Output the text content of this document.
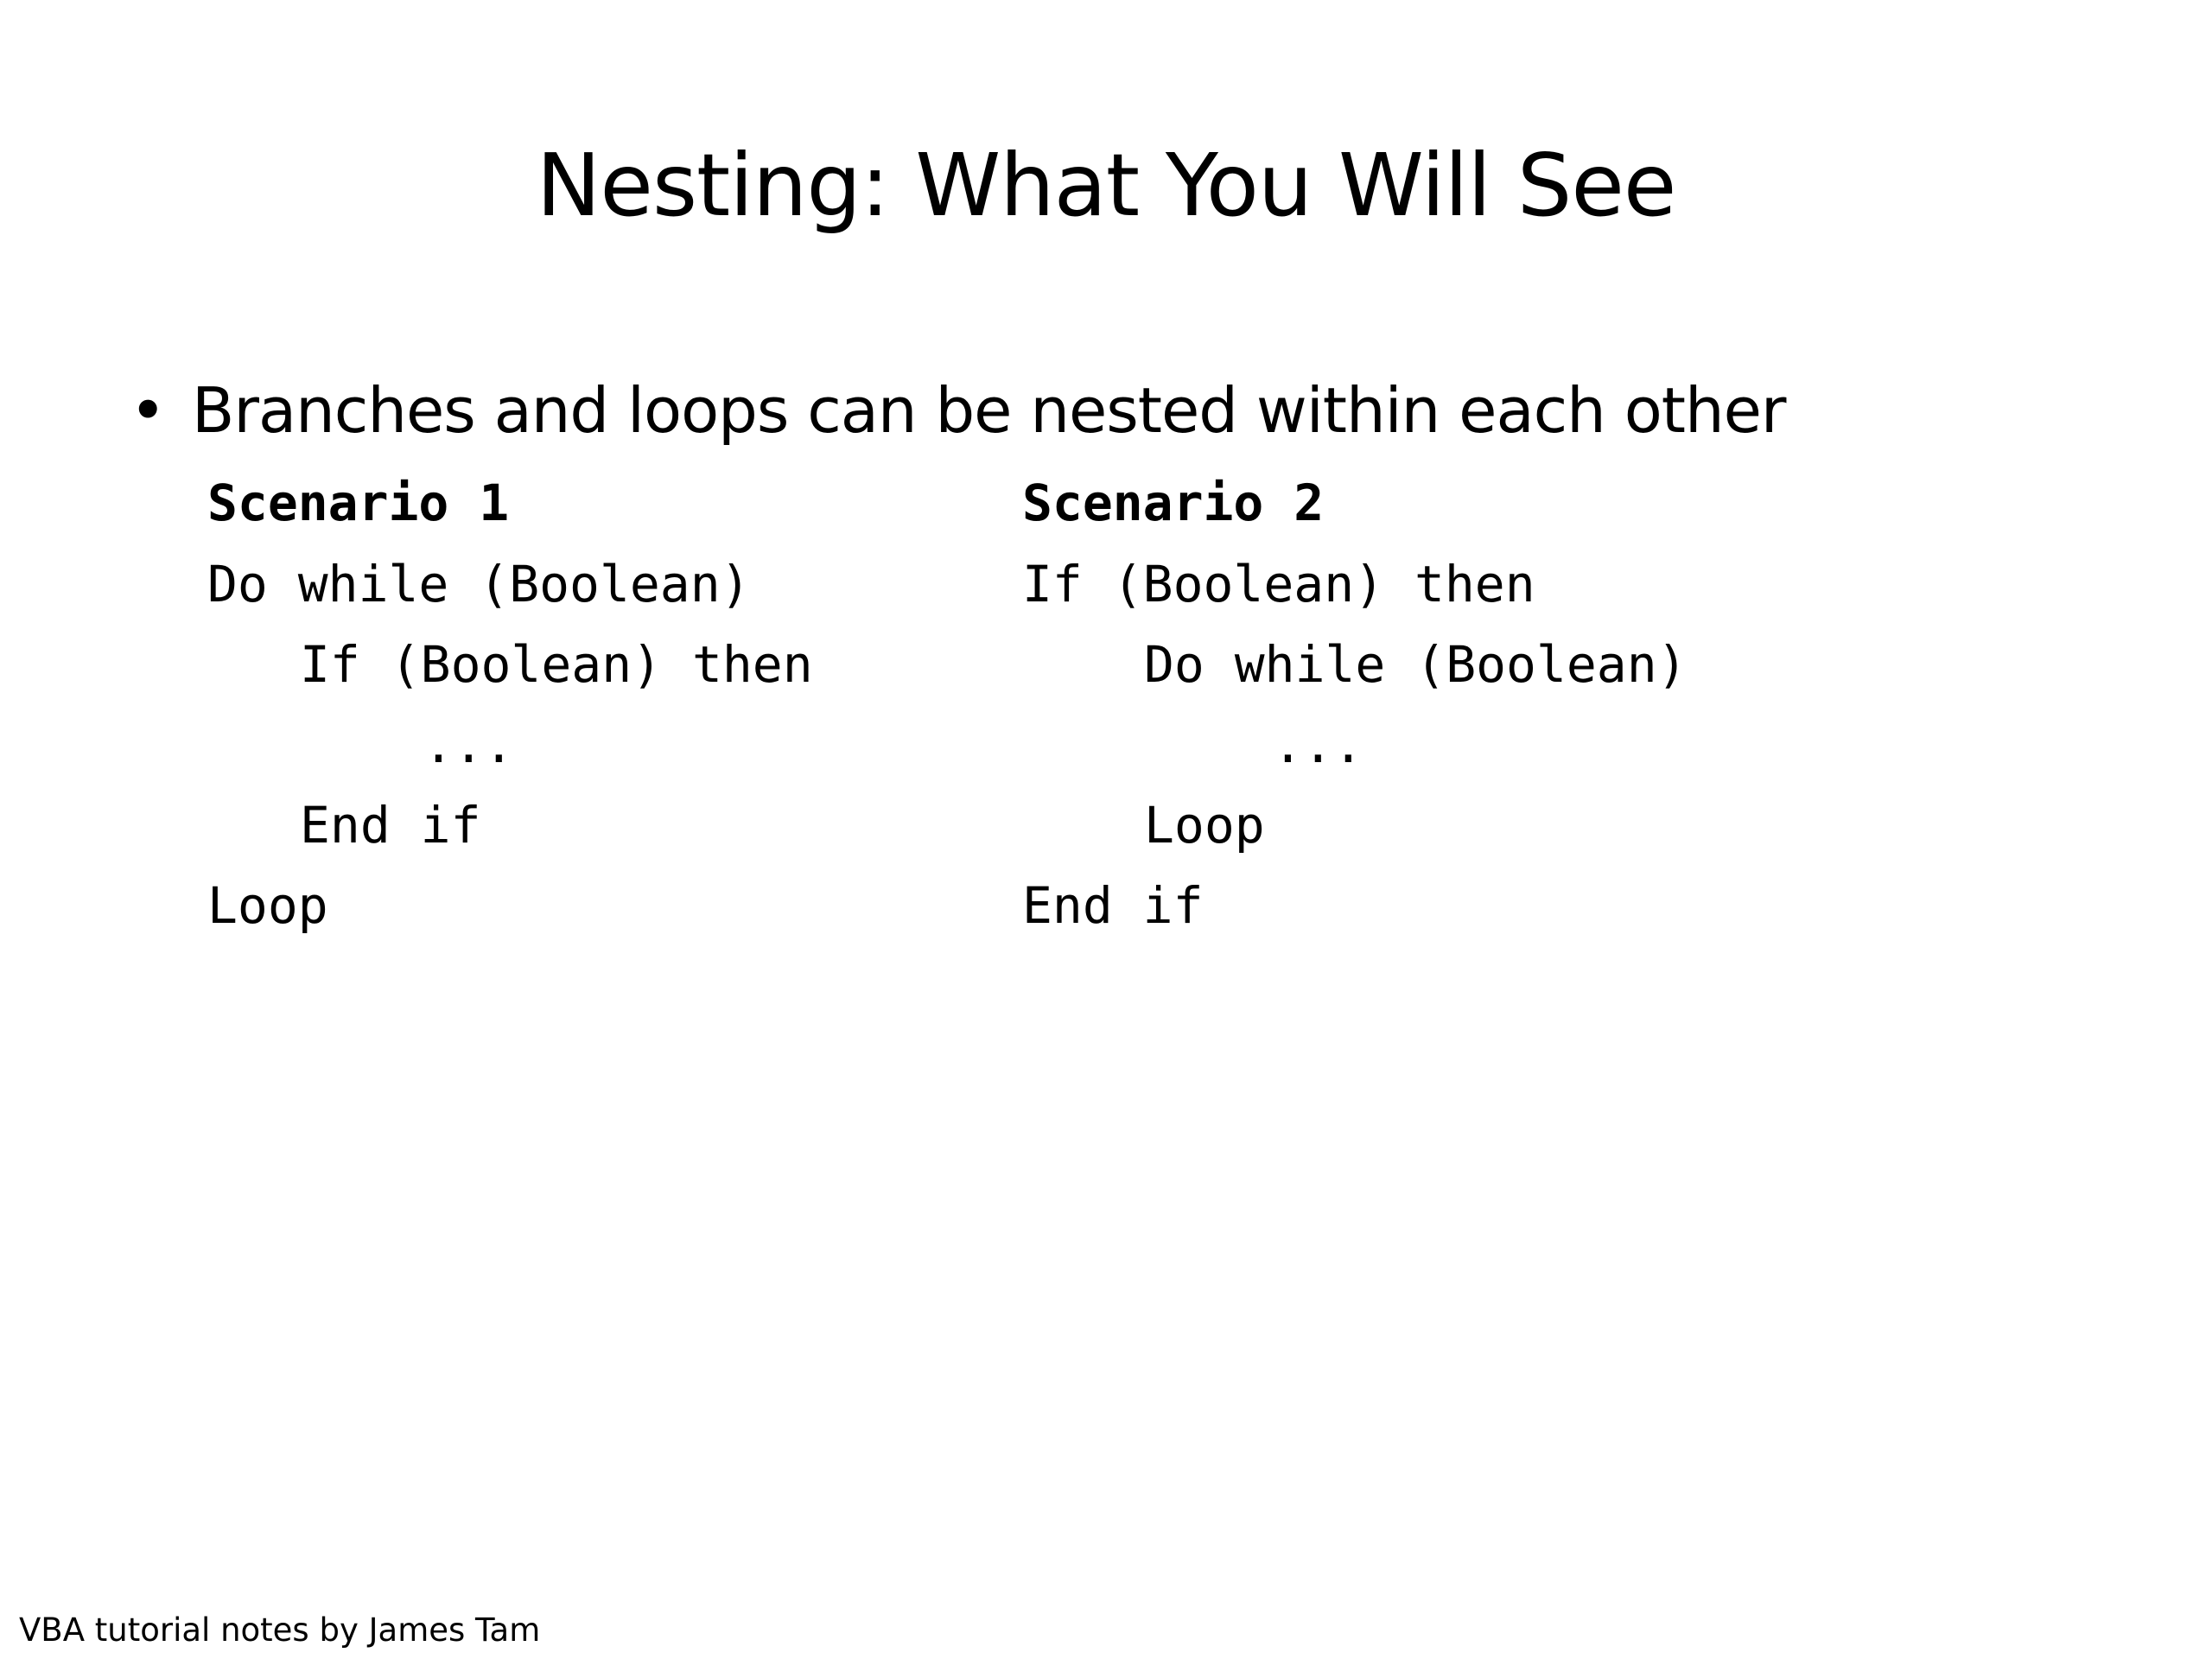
Nesting: What You Will See
• Branches and loops can be nested within each other
Scenario 1
Do while (Boolean)
If (Boolean) then
...
End if
Loop
Scenario 2
If (Boolean) then
Do while (Boolean)
...
Loop
End if
VBA tutorial notes by James Tam
